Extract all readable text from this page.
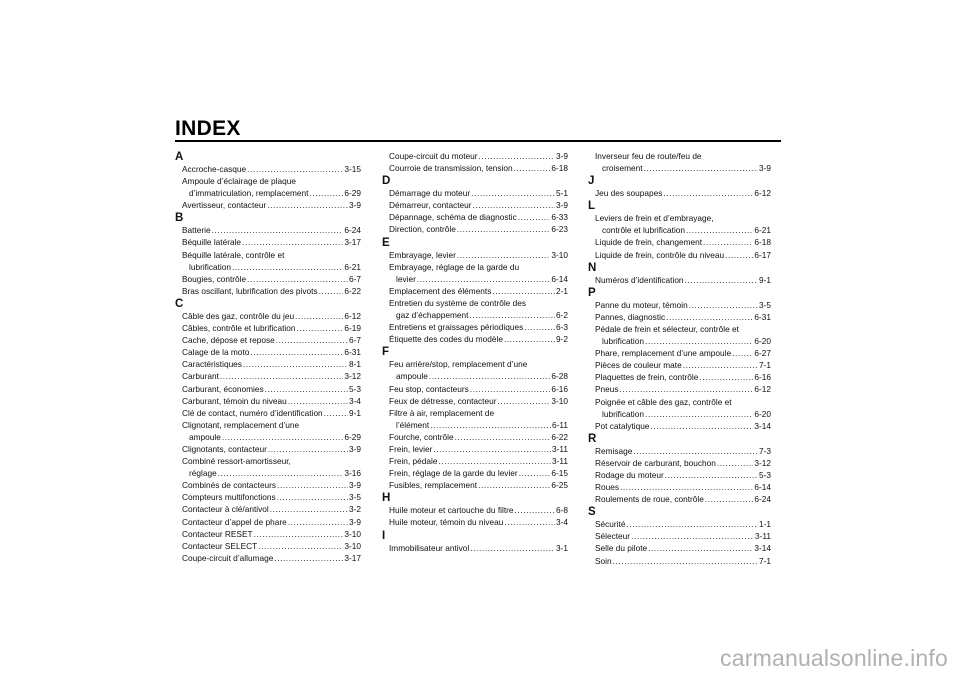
INDEX
A
Accroche-casque .....	3-15
Ampoule d’éclairage de plaque
d’immatriculation, remplacement .....	6-29
Avertisseur, contacteur .....	3-9
B
Batterie .....	6-24
Béquille latérale .....	3-17
Béquille latérale, contrôle et
lubrification .....	6-21
Bougies, contrôle .....	6-7
Bras oscillant, lubrification des pivots .....	6-22
C
Câble des gaz, contrôle du jeu .....	6-12
Câbles, contrôle et lubrification .....	6-19
Cache, dépose et repose .....	6-7
Calage de la moto .....	6-31
Caractéristiques .....	8-1
Carburant .....	3-12
Carburant, économies .....	5-3
Carburant, témoin du niveau .....	3-4
Clé de contact, numéro d’identification .....	9-1
Clignotant, remplacement d’une
ampoule .....	6-29
Clignotants, contacteur .....	3-9
Combiné ressort-amortisseur,
réglage .....	3-16
Combinés de contacteurs .....	3-9
Compteurs multifonctions .....	3-5
Contacteur à clé/antivol .....	3-2
Contacteur d’appel de phare .....	3-9
Contacteur RESET .....	3-10
Contacteur SELECT .....	3-10
Coupe-circuit d’allumage .....	3-17
Coupe-circuit du moteur .....	3-9
Courroie de transmission, tension .....	6-18
D
Démarrage du moteur .....	5-1
Démarreur, contacteur .....	3-9
Dépannage, schéma de diagnostic .....	6-33
Direction, contrôle .....	6-23
E
Embrayage, levier .....	3-10
Embrayage, réglage de la garde du
levier .....	6-14
Emplacement des éléments .....	2-1
Entretien du système de contrôle des
gaz d’échappement .....	6-2
Entretiens et graissages périodiques .....	6-3
Étiquette des codes du modèle .....	9-2
F
Feu arrière/stop, remplacement d’une
ampoule .....	6-28
Feu stop, contacteurs .....	6-16
Feux de détresse, contacteur .....	3-10
Filtre à air, remplacement de
l’élément .....	6-11
Fourche, contrôle .....	6-22
Frein, levier .....	3-11
Frein, pédale .....	3-11
Frein, réglage de la garde du levier .....	6-15
Fusibles, remplacement .....	6-25
H
Huile moteur et cartouche du filtre .....	6-8
Huile moteur, témoin du niveau .....	3-4
I
Immobilisateur antivol .....	3-1
Inverseur feu de route/feu de
croisement .....	3-9
J
Jeu des soupapes .....	6-12
L
Leviers de frein et d’embrayage,
contrôle et lubrification .....	6-21
Liquide de frein, changement .....	6-18
Liquide de frein, contrôle du niveau .....	6-17
N
Numéros d’identification .....	9-1
P
Panne du moteur, témoin .....	3-5
Pannes, diagnostic .....	6-31
Pédale de frein et sélecteur, contrôle et
lubrification .....	6-20
Phare, remplacement d’une ampoule .....	6-27
Pièces de couleur mate .....	7-1
Plaquettes de frein, contrôle .....	6-16
Pneus .....	6-12
Poignée et câble des gaz, contrôle et
lubrification .....	6-20
Pot catalytique .....	3-14
R
Remisage .....	7-3
Réservoir de carburant, bouchon .....	3-12
Rodage du moteur .....	5-3
Roues .....	6-14
Roulements de roue, contrôle .....	6-24
S
Sécurité .....	1-1
Sélecteur .....	3-11
Selle du pilote .....	3-14
Soin .....	7-1
carmanualsonline.info
